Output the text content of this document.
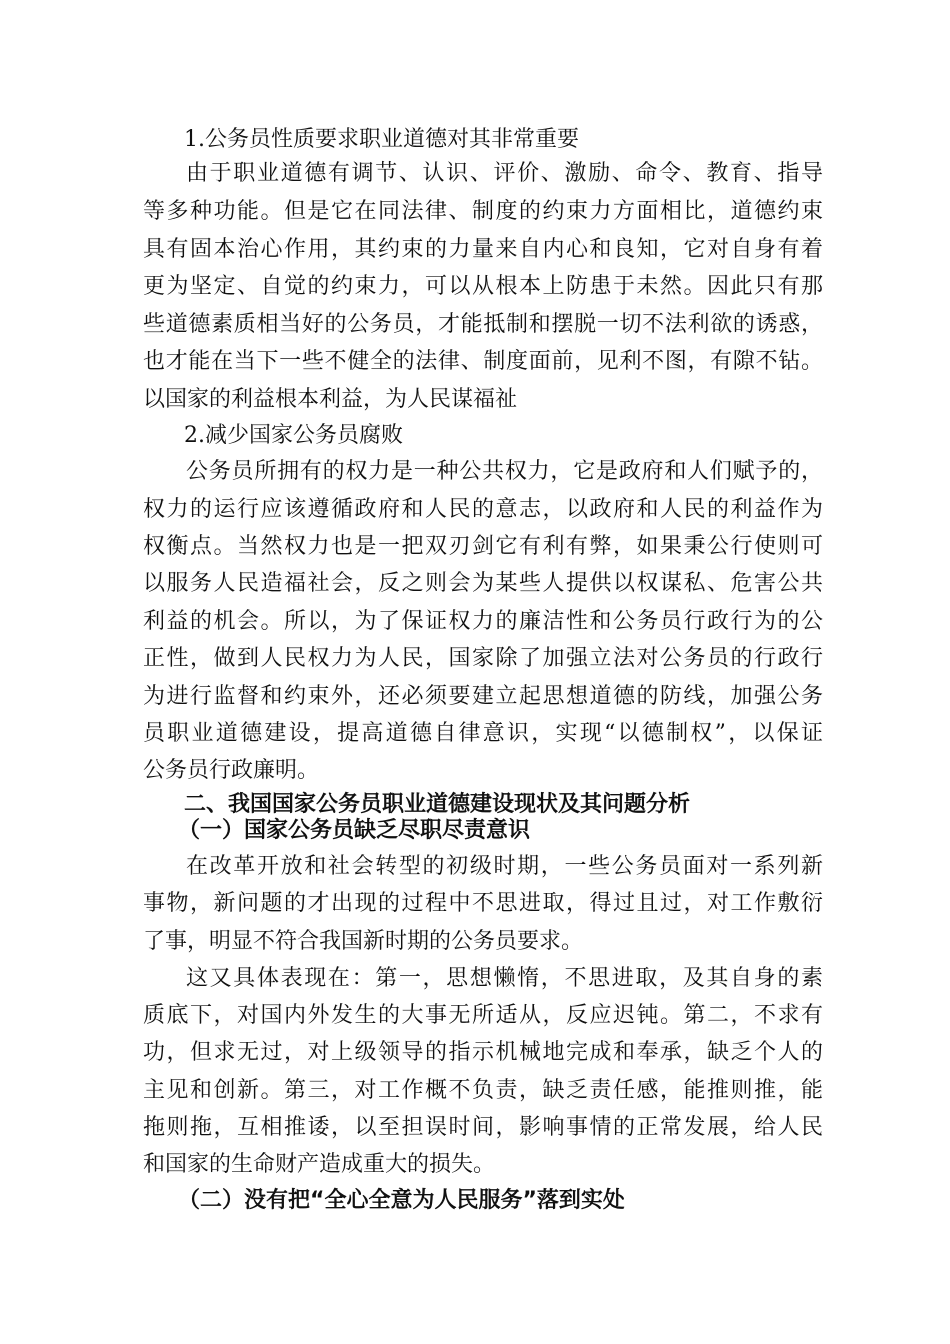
1.公务员性质要求职业道德对其非常重要
由于职业道德有调节、认识、评价、激励、命令、教育、指导
等多种功能。但是它在同法律、制度的约束力方面相比，道德约束
具有固本治心作用，其约束的力量来自内心和良知，它对自身有着
更为坚定、自觉的约束力，可以从根本上防患于未然。因此只有那
些道德素质相当好的公务员，才能抵制和摆脱一切不法利欲的诱惑，
也才能在当下一些不健全的法律、制度面前，见利不图，有隙不钻。
以国家的利益根本利益，为人民谋福祉
2.减少国家公务员腐败
公务员所拥有的权力是一种公共权力，它是政府和人们赋予的，
权力的运行应该遵循政府和人民的意志，以政府和人民的利益作为
权衡点。当然权力也是一把双刃剑它有利有弊，如果秉公行使则可
以服务人民造福社会，反之则会为某些人提供以权谋私、危害公共
利益的机会。所以，为了保证权力的廉洁性和公务员行政行为的公
正性，做到人民权力为人民，国家除了加强立法对公务员的行政行
为进行监督和约束外，还必须要建立起思想道德的防线，加强公务
员职业道德建设，提高道德自律意识，实现“以德制权”，以保证
公务员行政廉明。
二、我国国家公务员职业道德建设现状及其问题分析
（一）国家公务员缺乏尽职尽责意识
在改革开放和社会转型的初级时期，一些公务员面对一系列新
事物，新问题的才出现的过程中不思进取，得过且过，对工作敷衍
了事，明显不符合我国新时期的公务员要求。
这又具体表现在：第一，思想懒惰，不思进取，及其自身的素
质底下，对国内外发生的大事无所适从，反应迟钝。第二，不求有
功，但求无过，对上级领导的指示机械地完成和奉承，缺乏个人的
主见和创新。第三，对工作概不负责，缺乏责任感，能推则推，能
拖则拖，互相推诿，以至担误时间，影响事情的正常发展，给人民
和国家的生命财产造成重大的损失。
（二）没有把“全心全意为人民服务”落到实处
